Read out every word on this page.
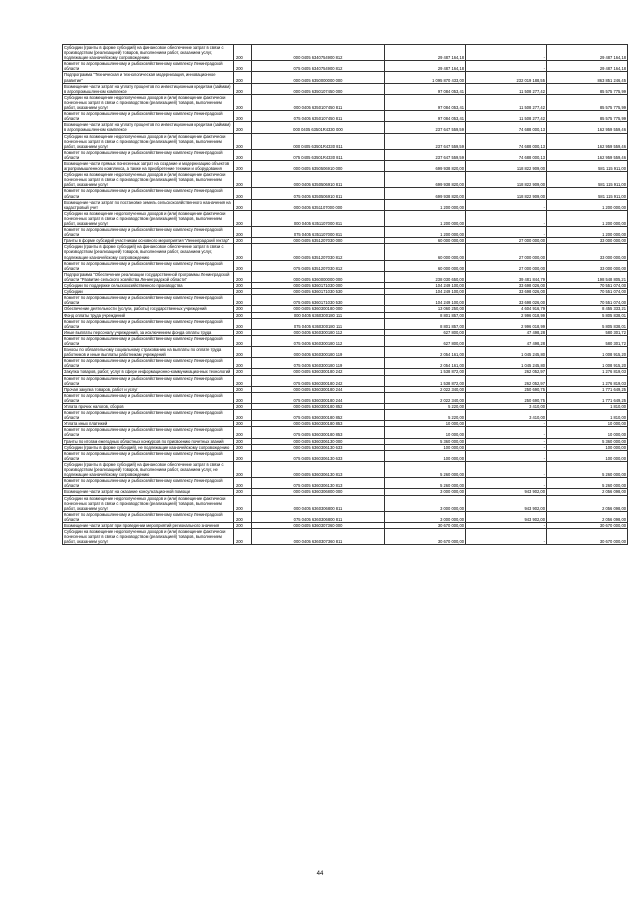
Субсидии (гранты в форме субсидий) на финансовое обеспечение затрат в связи с производством (реализацией) товаров, выполнением работ, оказанием услуг, подлежащие казначейскому сопровождению	200	000 0405 6340754900 812	29 487 164,18	-	29 487 164,18
Комитет по агропромышленному и рыбохозяйственному комплексу Ленинградской области	200	075 0405 6340754900 812	29 487 164,18	-	29 487 164,18
Подпрограмма "Техническая и технологическая модернизация, инновационное развитие"	200	000 0405 6350000000 000	1 095 870 433,00	232 019 188,55	863 851 246,45
Возмещение части затрат на уплату процентов по инвестиционным кредитам (займам) в агропромышленном комплексе	200	000 0405 6350107450 000	97 084 053,41	11 508 277,42	85 575 775,99
Субсидии на возмещение недополученных доходов и (или) возмещение фактически понесенных затрат в связи с производством (реализацией) товаров, выполнением работ, оказанием услуг	200	000 0405 6350107450 811	97 084 053,41	11 508 277,42	85 575 775,99
Комитет по агропромышленному и рыбохозяйственному комплексу Ленинградской области	200	075 0405 6350107450 811	97 084 053,41	11 508 277,42	85 575 775,99
Возмещение части затрат на уплату процентов по инвестиционным кредитам (займам) в агропромышленном комплексе	200	000 0405 63501R4330 000	237 647 559,59	74 688 000,13	162 959 559,46
Субсидии на возмещение недополученных доходов и (или) возмещение фактически понесенных затрат в связи с производством (реализацией) товаров, выполнением работ, оказанием услуг	200	000 0405 63501R4330 811	237 647 559,59	74 688 000,13	162 959 559,46
Комитет по агропромышленному и рыбохозяйственному комплексу Ленинградской области	200	075 0405 63501R4330 811	237 647 559,59	74 688 000,13	162 959 559,46
Возмещение части прямых понесенных затрат на создание и модернизацию объектов агропромышленного комплекса, а также на приобретение техники и оборудования	200	000 0405 6350506910 000	699 938 820,00	118 822 909,00	581 115 911,00
Субсидии на возмещение недополученных доходов и (или) возмещение фактически понесенных затрат в связи с производством (реализацией) товаров, выполнением работ, оказанием услуг	200	000 0405 6350506910 811	699 938 820,00	118 822 909,00	581 115 911,00
Комитет по агропромышленному и рыбохозяйственному комплексу Ленинградской области	200	075 0405 6350506910 811	699 938 820,00	118 822 909,00	581 115 911,00
Возмещение части затрат по постановке земель сельскохозяйственного назначения на кадастровый учет	200	000 0405 6351107000 000	1 200 000,00	-	1 200 000,00
Субсидии на возмещение недополученных доходов и (или) возмещение фактически понесенных затрат в связи с производством (реализацией) товаров, выполнением работ, оказанием услуг	200	000 0405 6351107000 811	1 200 000,00	-	1 200 000,00
Комитет по агропромышленному и рыбохозяйственному комплексу Ленинградской области	200	075 0405 6351107000 811	1 200 000,00	-	1 200 000,00
Гранты в форме субсидий участникам основного мероприятия "Ленинградский гектар"	200	000 0405 6351207030 000	60 000 000,00	27 000 000,00	33 000 000,00
Субсидии (гранты в форме субсидий) на финансовое обеспечение затрат в связи с производством (реализацией) товаров, выполнением работ, оказанием услуг, подлежащие казначейскому сопровождению	200	000 0405 6351207030 812	60 000 000,00	27 000 000,00	33 000 000,00
Комитет по агропромышленному и рыбохозяйственному комплексу Ленинградской области	200	075 0405 6351207030 812	60 000 000,00	27 000 000,00	33 000 000,00
Подпрограмма "Обеспечение реализации государственной программы Ленинградской области "Развитие сельского хозяйства Ленинградской области"	200	000 0405 6360000000 000	238 030 650,00	39 481 844,79	198 548 805,21
Субсидии по поддержке сельскохозяйственного производства	200	000 0405 6360171030 000	104 249 100,00	33 698 026,00	70 551 074,00
Субсидии	200	000 0405 6360171030 530	104 249 100,00	33 698 026,00	70 551 074,00
Комитет по агропромышленному и рыбохозяйственному комплексу Ленинградской области	200	075 0405 6360171030 530	104 249 100,00	33 698 026,00	70 551 074,00
Обеспечение деятельности (услуги, работы) государственных учреждений	200	000 0405 6360300180 000	13 060 250,00	4 604 916,79	8 455 333,21
Фонд оплаты труда учреждений	200	000 0405 6360300180 111	8 801 857,00	2 996 018,99	5 805 838,01
Комитет по агропромышленному и рыбохозяйственному комплексу Ленинградской области	200	075 0405 6360300180 111	8 801 857,00	2 996 018,99	5 805 838,01
Иные выплаты персоналу учреждений, за исключением фонда оплаты труда	200	000 0405 6360300180 112	627 800,00	47 498,28	580 301,72
Комитет по агропромышленному и рыбохозяйственному комплексу Ленинградской области	200	075 0405 6360300180 112	627 800,00	47 498,28	580 301,72
Взносы по обязательному социальному страхованию на выплаты по оплате труда работников и иные выплаты работникам учреждений	200	000 0405 6360300180 119	2 054 161,00	1 045 245,80	1 008 915,20
Комитет по агропромышленному и рыбохозяйственному комплексу Ленинградской области	200	075 0405 6360300180 119	2 054 161,00	1 045 245,80	1 008 915,20
Закупка товаров, работ, услуг в сфере информационно-коммуникационных технологий	200	000 0405 6360300180 242	1 538 872,00	262 052,97	1 276 819,03
Комитет по агропромышленному и рыбохозяйственному комплексу Ленинградской области	200	075 0405 6360300180 242	1 538 872,00	262 052,97	1 276 819,03
Прочая закупка товаров, работ и услуг	200	000 0405 6360300180 244	2 022 340,00	250 690,75	1 771 649,25
Комитет по агропромышленному и рыбохозяйственному комплексу Ленинградской области	200	075 0405 6360300180 244	2 022 340,00	250 690,75	1 771 649,25
Уплата прочих налогов, сборов	200	000 0405 6360300180 852	5 220,00	3 410,00	1 810,00
Комитет по агропромышленному и рыбохозяйственному комплексу Ленинградской области	200	075 0405 6360300180 852	5 220,00	3 410,00	1 810,00
Уплата иных платежей	200	000 0405 6360300180 853	10 000,00	-	10 000,00
Комитет по агропромышленному и рыбохозяйственному комплексу Ленинградской области	200	075 0405 6360300180 853	10 000,00	-	10 000,00
Гранты по итогам ежегодных областных конкурсов по присвоению почетных званий	200	000 0405 6360306130 000	5 360 000,00	-	5 360 000,00
Субсидии (гранты в форме субсидий), не подлежащие казначейскому сопровождению	200	000 0405 6360306130 633	100 000,00	-	100 000,00
Комитет по агропромышленному и рыбохозяйственному комплексу Ленинградской области	200	075 0405 6360306130 633	100 000,00	-	100 000,00
Субсидии (гранты в форме субсидий) на финансовое обеспечение затрат в связи с производством (реализацией) товаров, выполнением работ, оказанием услуг, не подлежащие казначейскому сопровождению	200	000 0405 6360306130 813	5 260 000,00	-	5 260 000,00
Комитет по агропромышленному и рыбохозяйственному комплексу Ленинградской области	200	075 0405 6360306130 813	5 260 000,00	-	5 260 000,00
Возмещение части затрат на оказание консультационной помощи	200	000 0405 6360306800 000	3 000 000,00	943 902,00	2 056 098,00
Субсидии на возмещение недополученных доходов и (или) возмещение фактически понесенных затрат в связи с производством (реализацией) товаров, выполнением работ, оказанием услуг	200	000 0405 6360306800 811	3 000 000,00	943 902,00	2 056 098,00
Комитет по агропромышленному и рыбохозяйственному комплексу Ленинградской области	200	075 0405 6360306800 811	3 000 000,00	943 902,00	2 056 098,00
Возмещение части затрат при проведении мероприятий регионального значения	200	000 0405 6360307360 000	30 670 000,00	-	30 670 000,00
Субсидии на возмещение недополученных доходов и (или) возмещение фактически понесенных затрат в связи с производством (реализацией) товаров, выполнением работ, оказанием услуг	200	000 0405 6360307360 811	30 670 000,00	-	30 670 000,00
44
